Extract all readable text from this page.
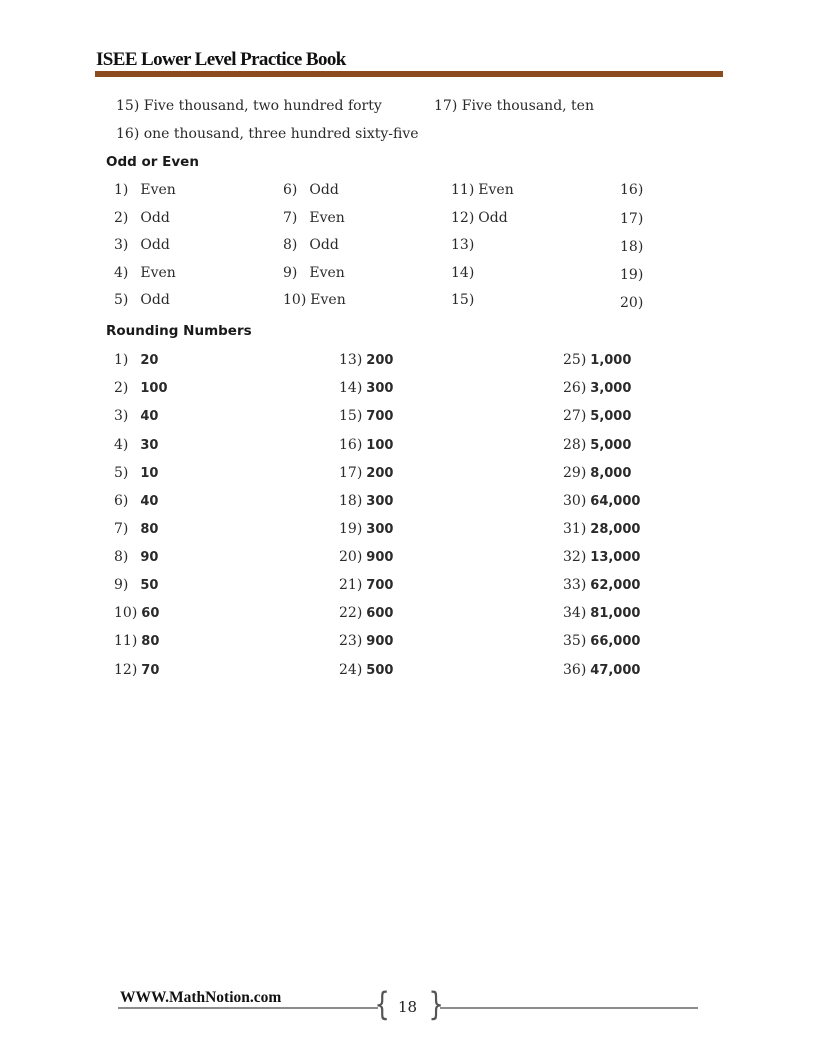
ISEE Lower Level Practice Book
15) Five thousand, two hundred forty	17) Five thousand, ten
16) one thousand, three hundred sixty-five
Odd or Even
1) Even
2) Odd
3) Odd
4) Even
5) Odd
6) Odd
7) Even
8) Odd
9) Even
10) Even
11) Even
12) Odd
13)
14)
15)
16)
17)
18)
19)
20)
Rounding Numbers
1) 20
2) 100
3) 40
4) 30
5) 10
6) 40
7) 80
8) 90
9) 50
10) 60
11) 80
12) 70
13) 200
14) 300
15) 700
16) 100
17) 200
18) 300
19) 300
20) 900
21) 700
22) 600
23) 900
24) 500
25) 1,000
26) 3,000
27) 5,000
28) 5,000
29) 8,000
30) 64,000
31) 28,000
32) 13,000
33) 62,000
34) 81,000
35) 66,000
36) 47,000
WWW.MathNotion.com	{ }
18
